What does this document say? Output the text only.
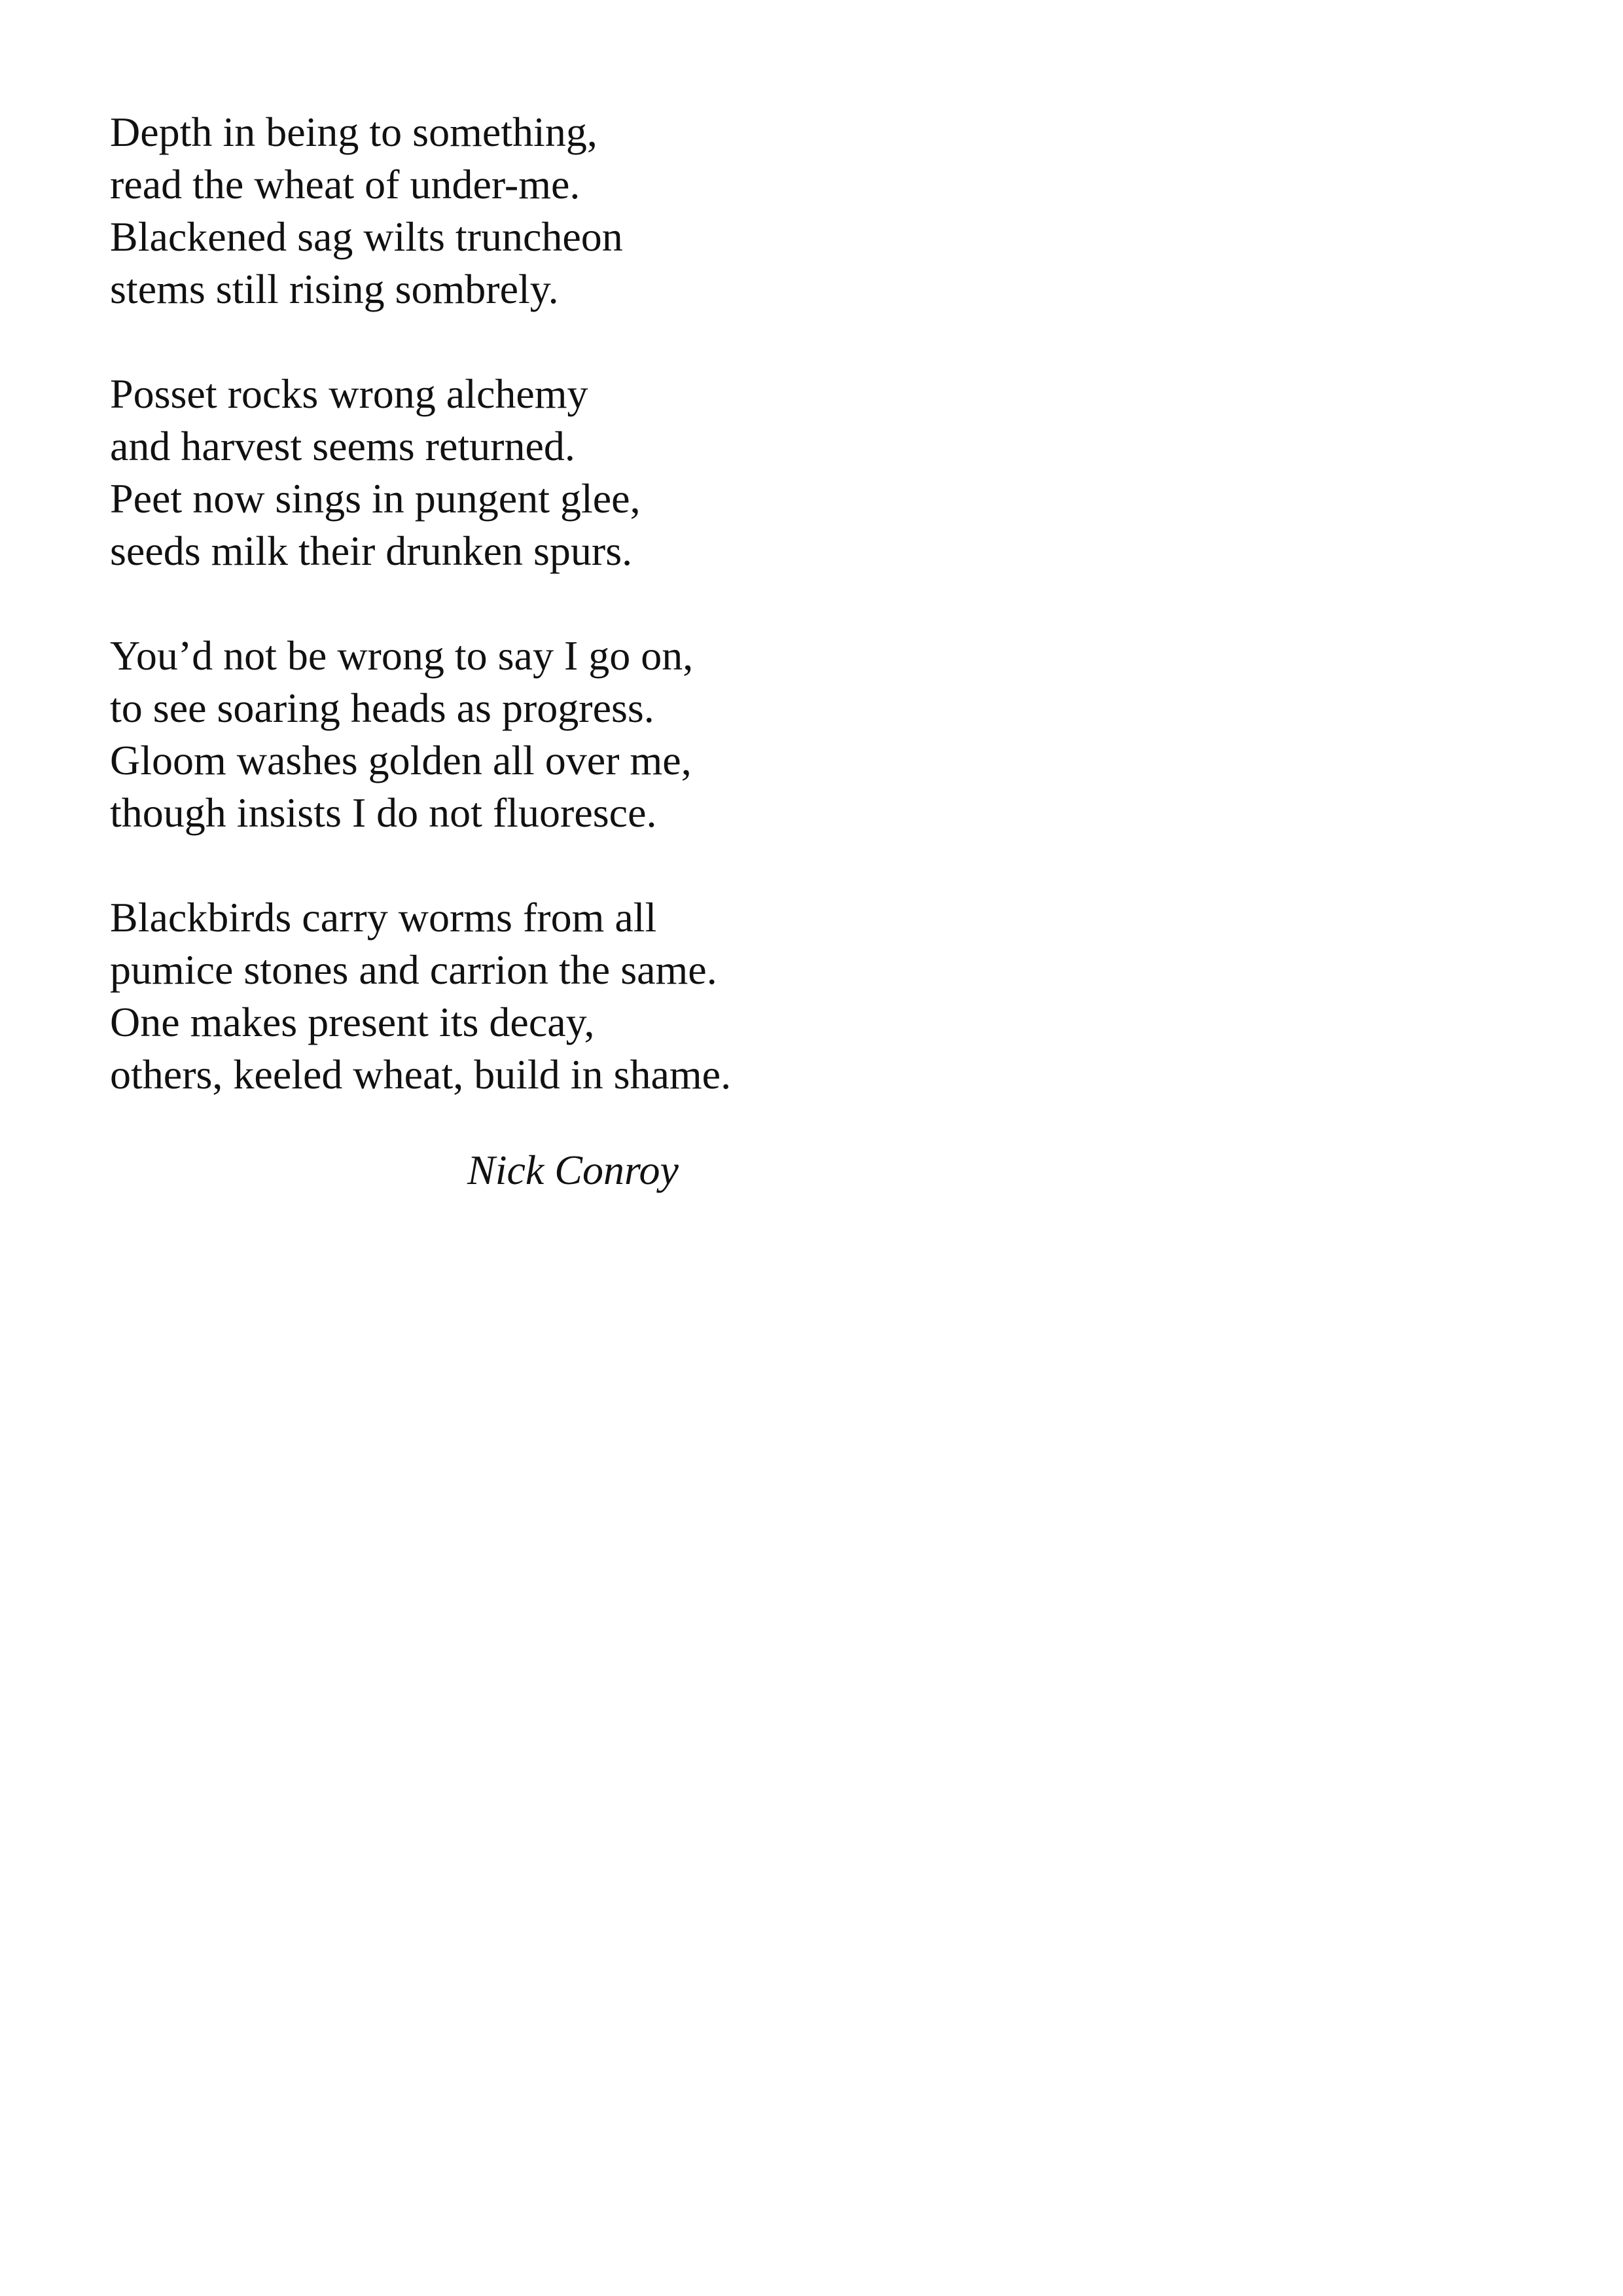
Depth in being to something,
read the wheat of under-me.
Blackened sag wilts truncheon
stems still rising sombrely.
Posset rocks wrong alchemy
and harvest seems returned.
Peet now sings in pungent glee,
seeds milk their drunken spurs.
You’d not be wrong to say I go on,
to see soaring heads as progress.
Gloom washes golden all over me,
though insists I do not fluoresce.
Blackbirds carry worms from all
pumice stones and carrion the same.
One makes present its decay,
others, keeled wheat, build in shame.
Nick Conroy
